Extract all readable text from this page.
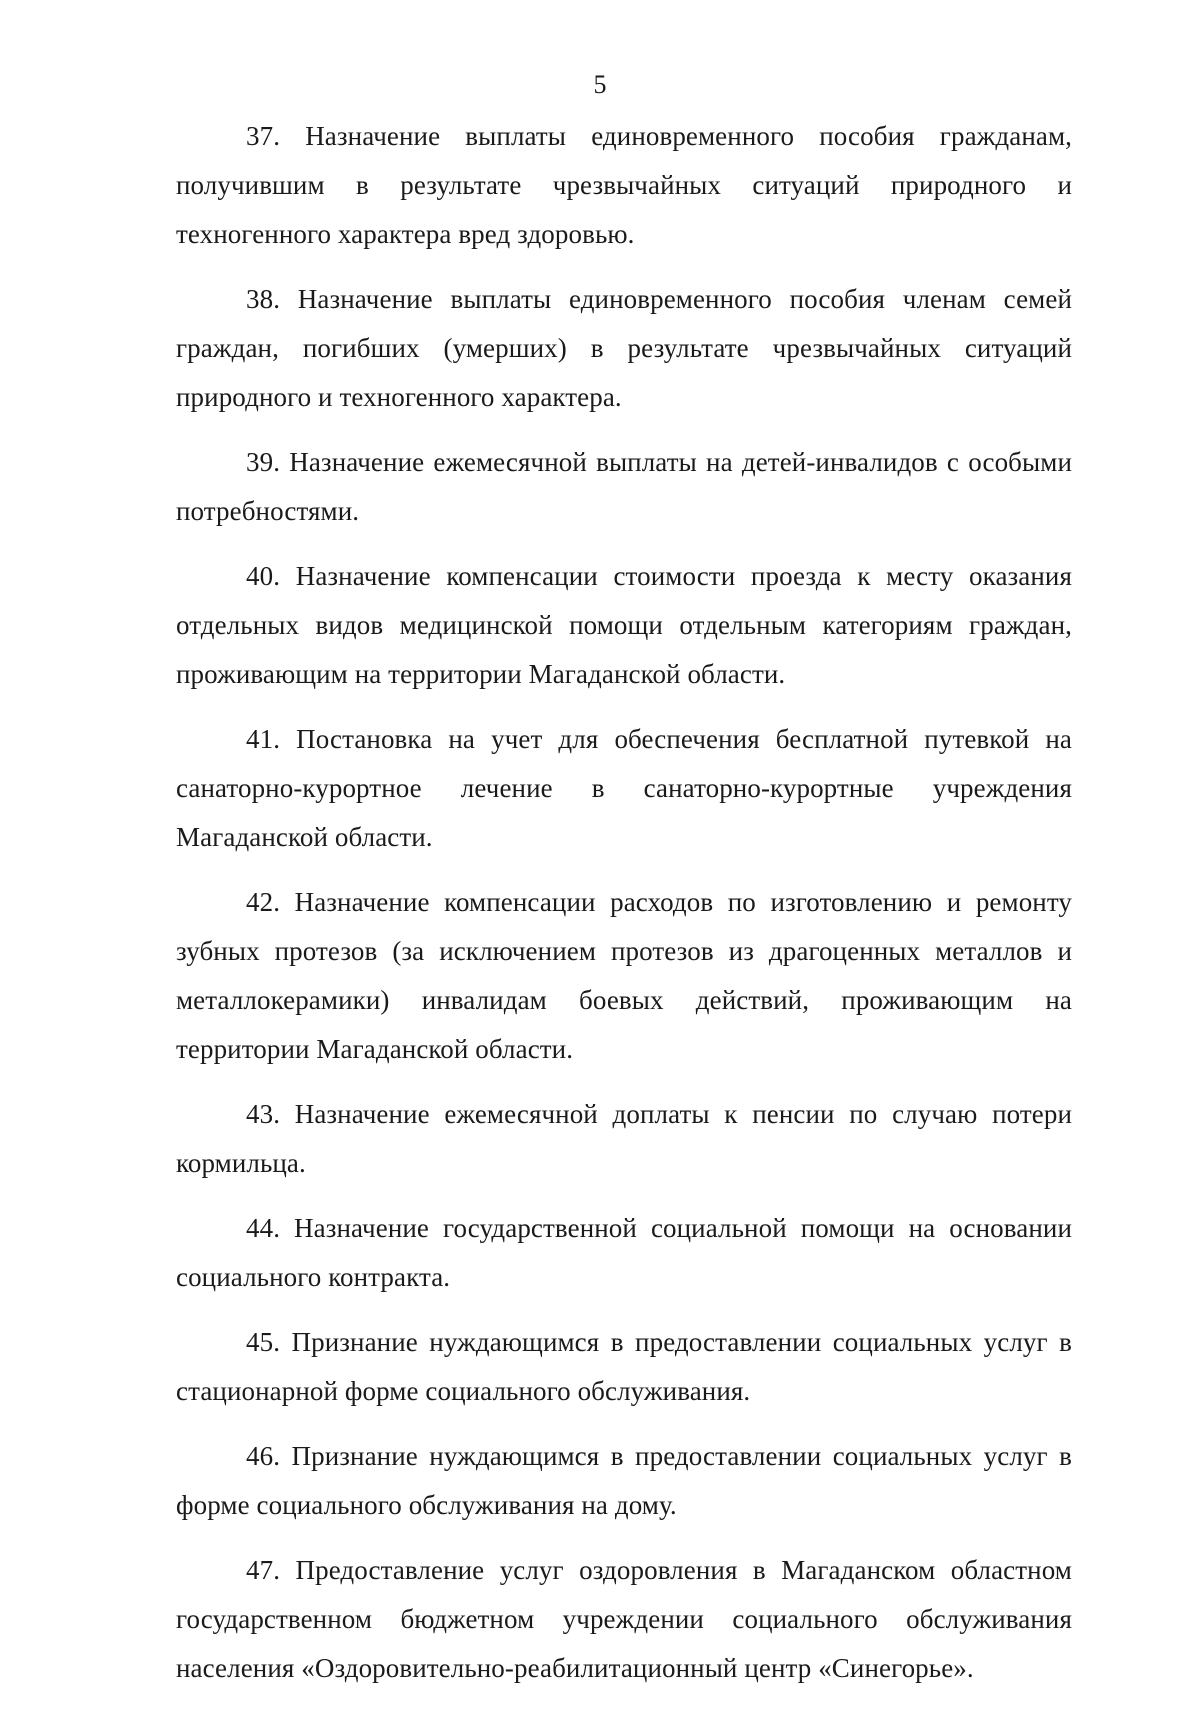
5

37. Назначение выплаты единовременного пособия гражданам, получившим в результате чрезвычайных ситуаций природного и техногенного характера вред здоровью.

38. Назначение выплаты единовременного пособия членам семей граждан, погибших (умерших) в результате чрезвычайных ситуаций природного и техногенного характера.

39. Назначение ежемесячной выплаты на детей-инвалидов с особыми потребностями.

40. Назначение компенсации стоимости проезда к месту оказания отдельных видов медицинской помощи отдельным категориям граждан, проживающим на территории Магаданской области.

41. Постановка на учет для обеспечения бесплатной путевкой на санаторно-курортное лечение в санаторно-курортные учреждения Магаданской области.

42. Назначение компенсации расходов по изготовлению и ремонту зубных протезов (за исключением протезов из драгоценных металлов и металлокерамики) инвалидам боевых действий, проживающим на территории Магаданской области.

43. Назначение ежемесячной доплаты к пенсии по случаю потери кормильца.

44. Назначение государственной социальной помощи на основании социального контракта.

45. Признание нуждающимся в предоставлении социальных услуг в стационарной форме социального обслуживания.

46. Признание нуждающимся в предоставлении социальных услуг в форме социального обслуживания на дому.

47. Предоставление услуг оздоровления в Магаданском областном государственном бюджетном учреждении социального обслуживания населения «Оздоровительно-реабилитационный центр «Синегорье».
